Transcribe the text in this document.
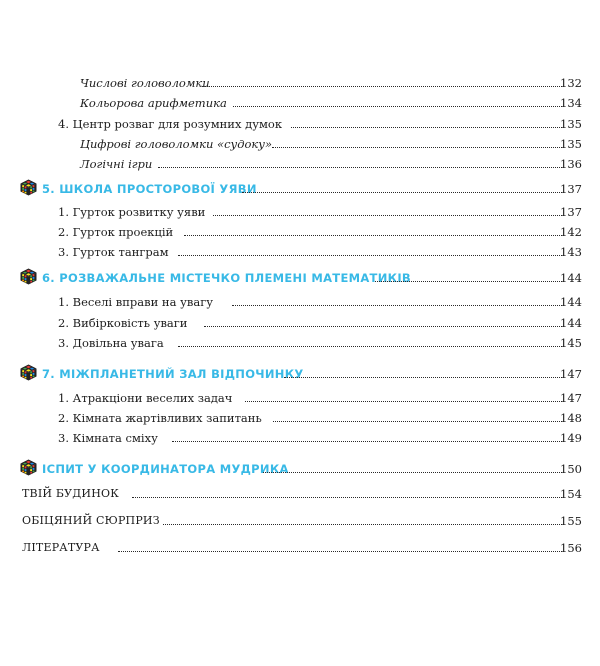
Числові головоломки	132
Кольорова арифметика	134
4. Центр розваг для розумних думок	135
Цифрові головоломки «судоку»	135
Логічні ігри	136
5. ШКОЛА ПРОСТОРОВОЇ УЯВИ	137
1. Гурток розвитку уяви	137
2. Гурток проекцій	142
3. Гурток танграм	143
6. РОЗВАЖАЛЬНЕ МІСТЕЧКО ПЛЕМЕНІ МАТЕМАТИКІВ	144
1. Веселі вправи на увагу	144
2. Вибірковість уваги	144
3. Довільна увага	145
7. МІЖПЛАНЕТНИЙ ЗАЛ ВІДПОЧИНКУ	147
1. Атракціони веселих задач	147
2. Кімната жартівливих запитань	148
3. Кімната сміху	149
ІСПИТ У КООРДИНАТОРА МУДРИКА	150
ТВІЙ БУДИНОК	154
ОБІЦЯНИЙ СЮРПРИЗ	155
ЛІТЕРАТУРА	156
